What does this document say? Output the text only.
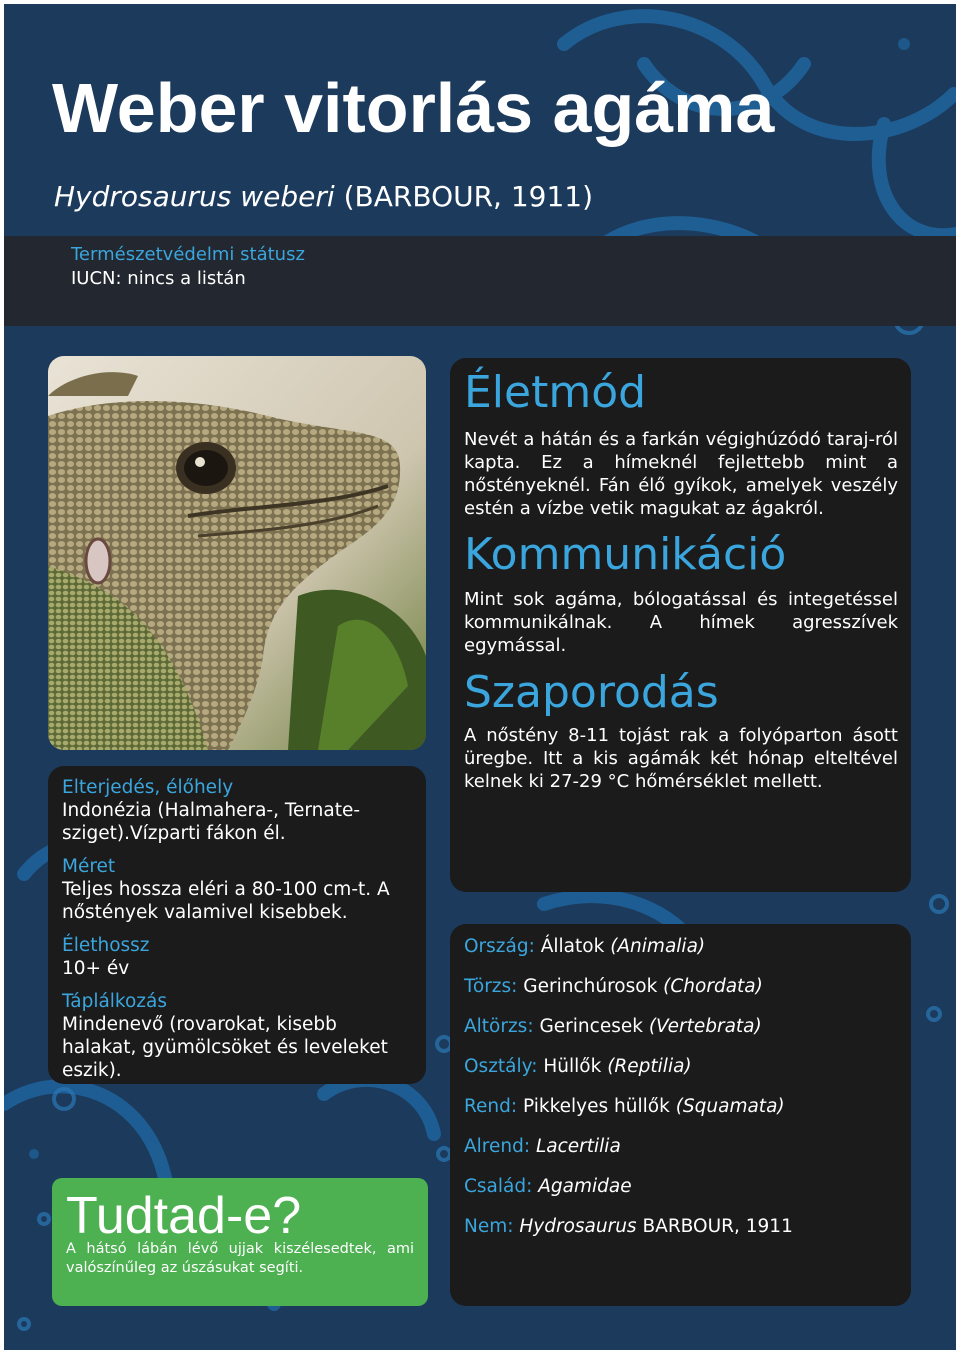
Weber vitorlás agáma
Hydrosaurus weberi (BARBOUR, 1911)
Természetvédelmi státusz
IUCN: nincs a listán
Elterjedés, élőhely
Indonézia (Halmahera-, Ternate-sziget).Vízparti fákon él.
Méret
Teljes hossza eléri a 80-100 cm-t. A nőstények valamivel kisebbek.
Élethossz
10+ év
Táplálkozás
Mindenevő (rovarokat, kisebb halakat, gyümölcsöket és leveleket eszik).
Életmód

Nevét a hátán és a farkán végighúzódó taraj-ról kapta. Ez a hímeknél fejlettebb mint a nőstényeknél. Fán élő gyíkok, amelyek veszély estén a vízbe vetik magukat az ágakról.

Kommunikáció

Mint sok agáma, bólogatással és integetéssel kommunikálnak. A hímek agresszívek egymással.

Szaporodás

A nőstény 8-11 tojást rak a folyóparton ásott üregbe. Itt a kis agámák két hónap elteltével kelnek ki 27-29 °C hőmérséklet mellett.

Ország: Állatok (Animalia)
Törzs: Gerinchúrosok (Chordata)
Altörzs: Gerincesek (Vertebrata)
Osztály: Hüllők (Reptilia)
Rend: Pikkelyes hüllők (Squamata)
Alrend: Lacertilia
Család: Agamidae
Nem: Hydrosaurus BARBOUR, 1911
Tudtad-e?

A hátsó lábán lévő ujjak kiszélesedtek, ami valószínűleg az úszásukat segíti.
